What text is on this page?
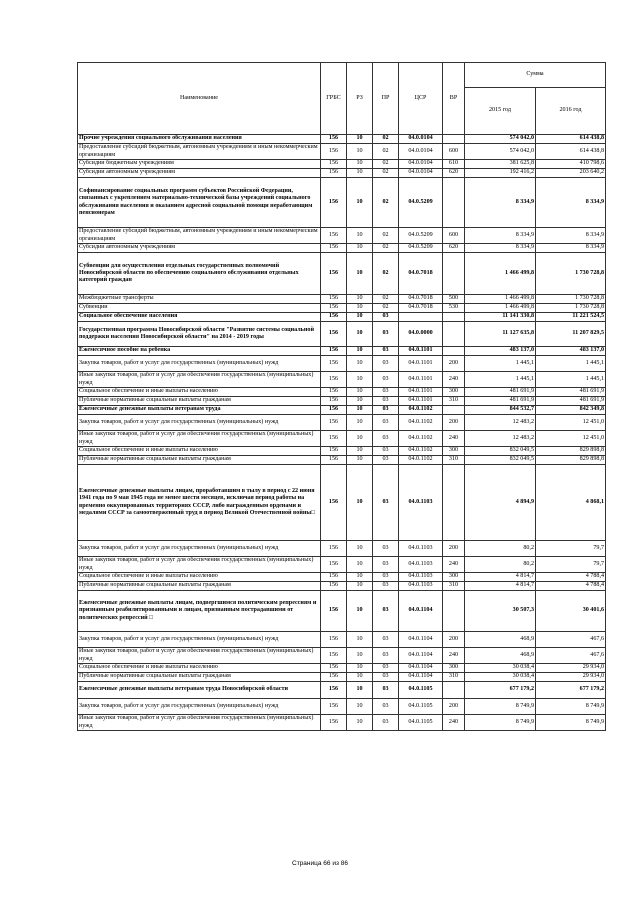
Наименование	ГРБС	РЗ	ПР	ЦСР	ВР	Сумма	
						2015 год	2016 год
Прочие учреждения социального обслуживания населения	156	10	02	04.0.0104		574 042,0	614 438,8
Предоставление субсидий бюджетным, автономным учреждениям и иным некоммерческим организациям	156	10	02	04.0.0104	600	574 042,0	614 438,8
Субсидии бюджетным учреждениям	156	10	02	04.0.0104	610	381 625,8	410 798,6
Субсидии автономным учреждениям	156	10	02	04.0.0104	620	192 416,2	203 640,2
Софинансирование социальных программ субъектов Российской Федерации, связанных с укреплением материально-технической базы учреждений социального обслуживания населения и оказанием адресной социальной помощи неработающим пенсионерам	156	10	02	04.0.5209		8 334,9	8 334,9
Предоставление субсидий бюджетным, автономным учреждениям и иным некоммерческим организациям	156	10	02	04.0.5209	600	8 334,9	8 334,9
Субсидии автономным учреждениям	156	10	02	04.0.5209	620	8 334,9	8 334,9
Субвенции для осуществления отдельных государственных полномочий Новосибирской области по обеспечению социального обслуживания отдельных категорий граждан	156	10	02	04.0.7018		1 466 499,8	1 730 728,8
Межбюджетные трансферты	156	10	02	04.0.7018	500	1 466 499,8	1 730 728,8
Субвенции	156	10	02	04.0.7018	530	1 466 499,8	1 730 728,8
Социальное обеспечение населения	156	10	03			11 141 330,8	11 221 524,5
Государственная программа Новосибирской области "Развитие системы социальной поддержки населения Новосибирской области" на 2014 - 2019 годы	156	10	03	04.0.0000		11 127 635,8	11 207 829,5
Ежемесячное пособие на ребенка	156	10	03	04.0.1101		483 137,0	483 137,0
Закупка товаров, работ и услуг для государственных (муниципальных) нужд	156	10	03	04.0.1101	200	1 445,1	1 445,1
Иные закупки товаров, работ и услуг для обеспечения государственных (муниципальных) нужд	156	10	03	04.0.1101	240	1 445,1	1 445,1
Социальное обеспечение и иные выплаты населению	156	10	03	04.0.1101	300	481 691,9	481 691,9
Публичные нормативные социальные выплаты гражданам	156	10	03	04.0.1101	310	481 691,9	481 691,9
Ежемесячные денежные выплаты ветеранам труда	156	10	03	04.0.1102		844 532,7	842 349,8
Закупка товаров, работ и услуг для государственных (муниципальных) нужд	156	10	03	04.0.1102	200	12 483,2	12 451,0
Иные закупки товаров, работ и услуг для обеспечения государственных (муниципальных) нужд	156	10	03	04.0.1102	240	12 483,2	12 451,0
Социальное обеспечение и иные выплаты населению	156	10	03	04.0.1102	300	832 049,5	829 898,8
Публичные нормативные социальные выплаты гражданам	156	10	03	04.0.1102	310	832 049,5	829 898,8
Ежемесячные денежные выплаты лицам, проработавшим в тылу в период с 22 июня 1941 года по 9 мая 1945 года не менее шести месяцев, исключая период работы на временно оккупированных территориях СССР, либо награжденным орденами и медалями СССР за самоотверженный труд в период Великой Отечественной войны□	156	10	03	04.0.1103		4 894,9	4 868,1
Закупка товаров, работ и услуг для государственных (муниципальных) нужд	156	10	03	04.0.1103	200	80,2	79,7
Иные закупки товаров, работ и услуг для обеспечения государственных (муниципальных) нужд	156	10	03	04.0.1103	240	80,2	79,7
Социальное обеспечение и иные выплаты населению	156	10	03	04.0.1103	300	4 814,7	4 788,4
Публичные нормативные социальные выплаты гражданам	156	10	03	04.0.1103	310	4 814,7	4 788,4
Ежемесячные денежные выплаты лицам, подвергшимся политическим репрессиям и признанным реабилитированными и лицам, признанным пострадавшими от политических репрессий □	156	10	03	04.0.1104		30 507,3	30 401,6
Закупка товаров, работ и услуг для государственных (муниципальных) нужд	156	10	03	04.0.1104	200	468,9	467,6
Иные закупки товаров, работ и услуг для обеспечения государственных (муниципальных) нужд	156	10	03	04.0.1104	240	468,9	467,6
Социальное обеспечение и иные выплаты населению	156	10	03	04.0.1104	300	30 038,4	29 934,0
Публичные нормативные социальные выплаты гражданам	156	10	03	04.0.1104	310	30 038,4	29 934,0
Ежемесячные денежные выплаты ветеранам труда Новосибирской области	156	10	03	04.0.1105		677 179,2	677 179,2
Закупка товаров, работ и услуг для государственных (муниципальных) нужд	156	10	03	04.0.1105	200	8 749,9	8 749,9
Иные закупки товаров, работ и услуг для обеспечения государственных (муниципальных) нужд	156	10	03	04.0.1105	240	8 749,9	8 749,9
Страница 66 из 86
